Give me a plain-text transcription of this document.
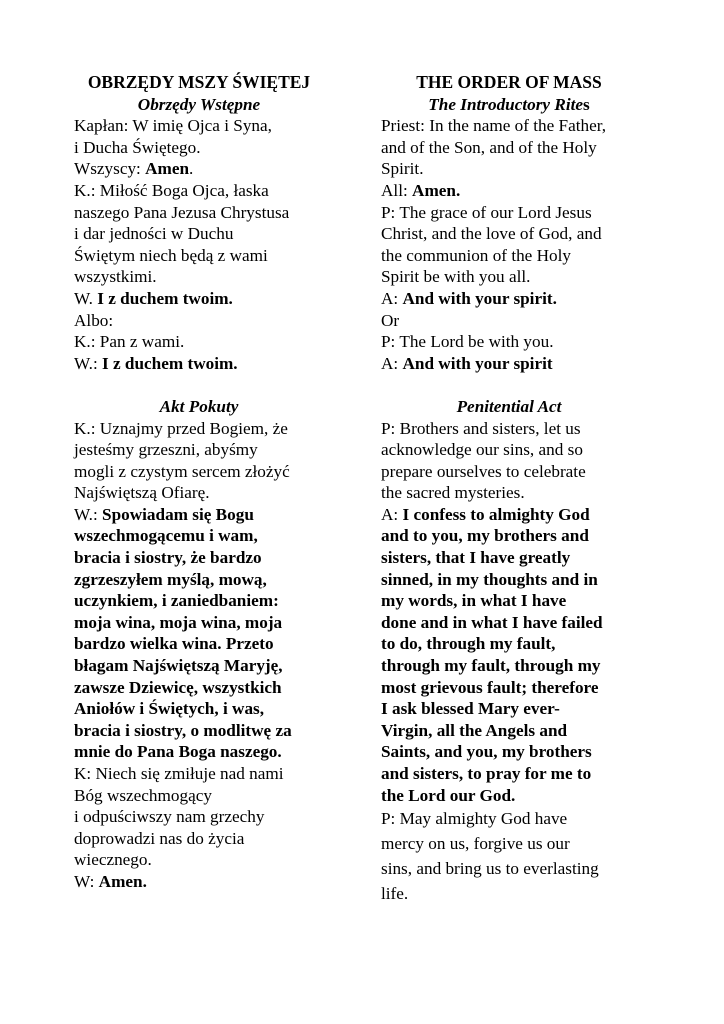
OBRZĘDY MSZY ŚWIĘTEJ
Obrzędy Wstępne
Kapłan: W imię Ojca i Syna,
i Ducha Świętego.
Wszyscy: Amen.
K.: Miłość Boga Ojca, łaska
naszego Pana Jezusa Chrystusa
i dar jedności w Duchu
Świętym niech będą z wami
wszystkimi.
W. I z duchem twoim.
Albo:
K.: Pan z wami.
W.: I z duchem twoim.
Akt Pokuty
K.: Uznajmy przed Bogiem, że
jesteśmy grzeszni, abyśmy
mogli z czystym sercem złożyć
Najświętszą Ofiarę.
W.: Spowiadam się Bogu
wszechmogącemu i wam,
bracia i siostry, że bardzo
zgrzeszyłem myślą, mową,
uczynkiem, i zaniedbaniem:
moja wina, moja wina, moja
bardzo wielka wina. Przeto
błagam Najświętszą Maryję,
zawsze Dziewicę, wszystkich
Aniołów i Świętych, i was,
bracia i siostry, o modlitwę za
mnie do Pana Boga naszego.
K: Niech się zmiłuje nad nami
Bóg wszechmogący
i odpuściwszy nam grzechy
doprowadzi nas do życia
wiecznego.
W: Amen.
THE ORDER OF MASS
The Introductory Rites
Priest: In the name of the Father,
and of the Son, and of the Holy
Spirit.
All: Amen.
P: The grace of our Lord Jesus
Christ, and the love of God, and
the communion of the Holy
Spirit be with you all.
A: And with your spirit.
Or
P: The Lord be with you.
A: And with your spirit
Penitential Act
P: Brothers and sisters, let us
acknowledge our sins, and so
prepare ourselves to celebrate
the sacred mysteries.
A: I confess to almighty God
and to you, my brothers and
sisters, that I have greatly
sinned, in my thoughts and in
my words, in what I have
done and in what I have failed
to do, through my fault,
through my fault, through my
most grievous fault; therefore
I ask blessed Mary ever-
Virgin, all the Angels and
Saints, and you, my brothers
and sisters, to pray for me to
the Lord our God.
P: May almighty God have
mercy on us, forgive us our
sins, and bring us to everlasting
life.
